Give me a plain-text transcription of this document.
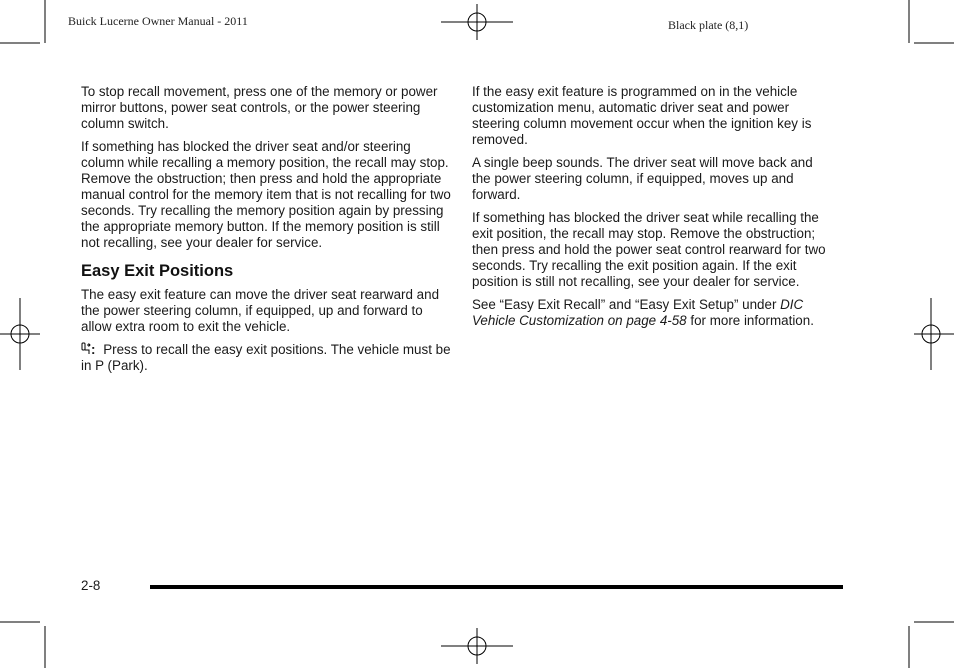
Buick Lucerne Owner Manual - 2011	Black plate (8,1)

To stop recall movement, press one of the memory or power mirror buttons, power seat controls, or the power steering column switch.

If something has blocked the driver seat and/or steering column while recalling a memory position, the recall may stop. Remove the obstruction; then press and hold the appropriate manual control for the memory item that is not recalling for two seconds. Try recalling the memory position again by pressing the appropriate memory button. If the memory position is still not recalling, see your dealer for service.

Easy Exit Positions

The easy exit feature can move the driver seat rearward and the power steering column, if equipped, up and forward to allow extra room to exit the vehicle.

: Press to recall the easy exit positions. The vehicle must be in P (Park).

If the easy exit feature is programmed on in the vehicle customization menu, automatic driver seat and power steering column movement occur when the ignition key is removed.

A single beep sounds. The driver seat will move back and the power steering column, if equipped, moves up and forward.

If something has blocked the driver seat while recalling the exit position, the recall may stop. Remove the obstruction; then press and hold the power seat control rearward for two seconds. Try recalling the exit position again. If the exit position is still not recalling, see your dealer for service.

See “Easy Exit Recall” and “Easy Exit Setup” under DIC Vehicle Customization on page 4-58 for more information.

2-8
